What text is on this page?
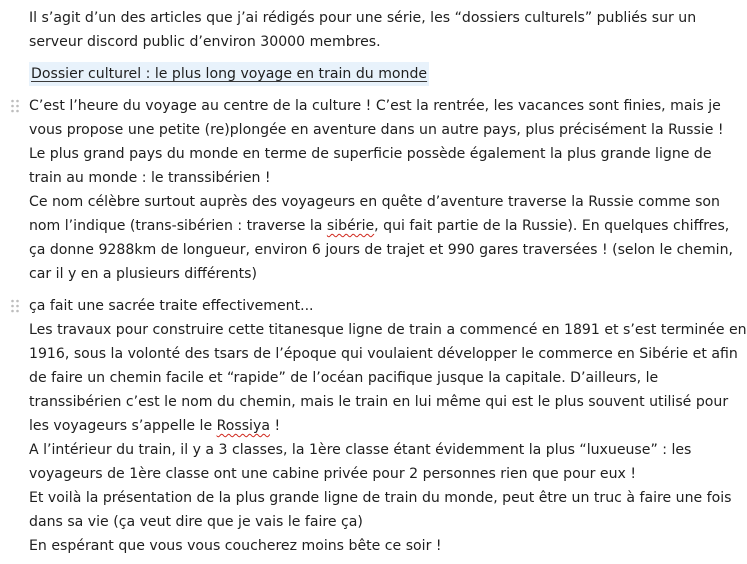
Il s’agit d’un des articles que j’ai rédigés pour une série, les “dossiers culturels” publiés sur un
serveur discord public d’environ 30000 membres.
Dossier culturel : le plus long voyage en train du monde
C’est l’heure du voyage au centre de la culture ! C’est la rentrée, les vacances sont finies, mais je
vous propose une petite (re)plongée en aventure dans un autre pays, plus précisément la Russie !
Le plus grand pays du monde en terme de superficie possède également la plus grande ligne de
train au monde : le transsibérien !
Ce nom célèbre surtout auprès des voyageurs en quête d’aventure traverse la Russie comme son
nom l’indique (trans-sibérien : traverse la sibérie, qui fait partie de la Russie). En quelques chiffres,
ça donne 9288km de longueur, environ 6 jours de trajet et 990 gares traversées ! (selon le chemin,
car il y en a plusieurs différents)
ça fait une sacrée traite effectivement...
Les travaux pour construire cette titanesque ligne de train a commencé en 1891 et s’est terminée en
1916, sous la volonté des tsars de l’époque qui voulaient développer le commerce en Sibérie et afin
de faire un chemin facile et “rapide” de l’océan pacifique jusque la capitale. D’ailleurs, le
transsibérien c’est le nom du chemin, mais le train en lui même qui est le plus souvent utilisé pour
les voyageurs s’appelle le Rossiya !
A l’intérieur du train, il y a 3 classes, la 1ère classe étant évidemment la plus “luxueuse” : les
voyageurs de 1ère classe ont une cabine privée pour 2 personnes rien que pour eux !
Et voilà la présentation de la plus grande ligne de train du monde, peut être un truc à faire une fois
dans sa vie (ça veut dire que je vais le faire ça)
En espérant que vous vous coucherez moins bête ce soir !
